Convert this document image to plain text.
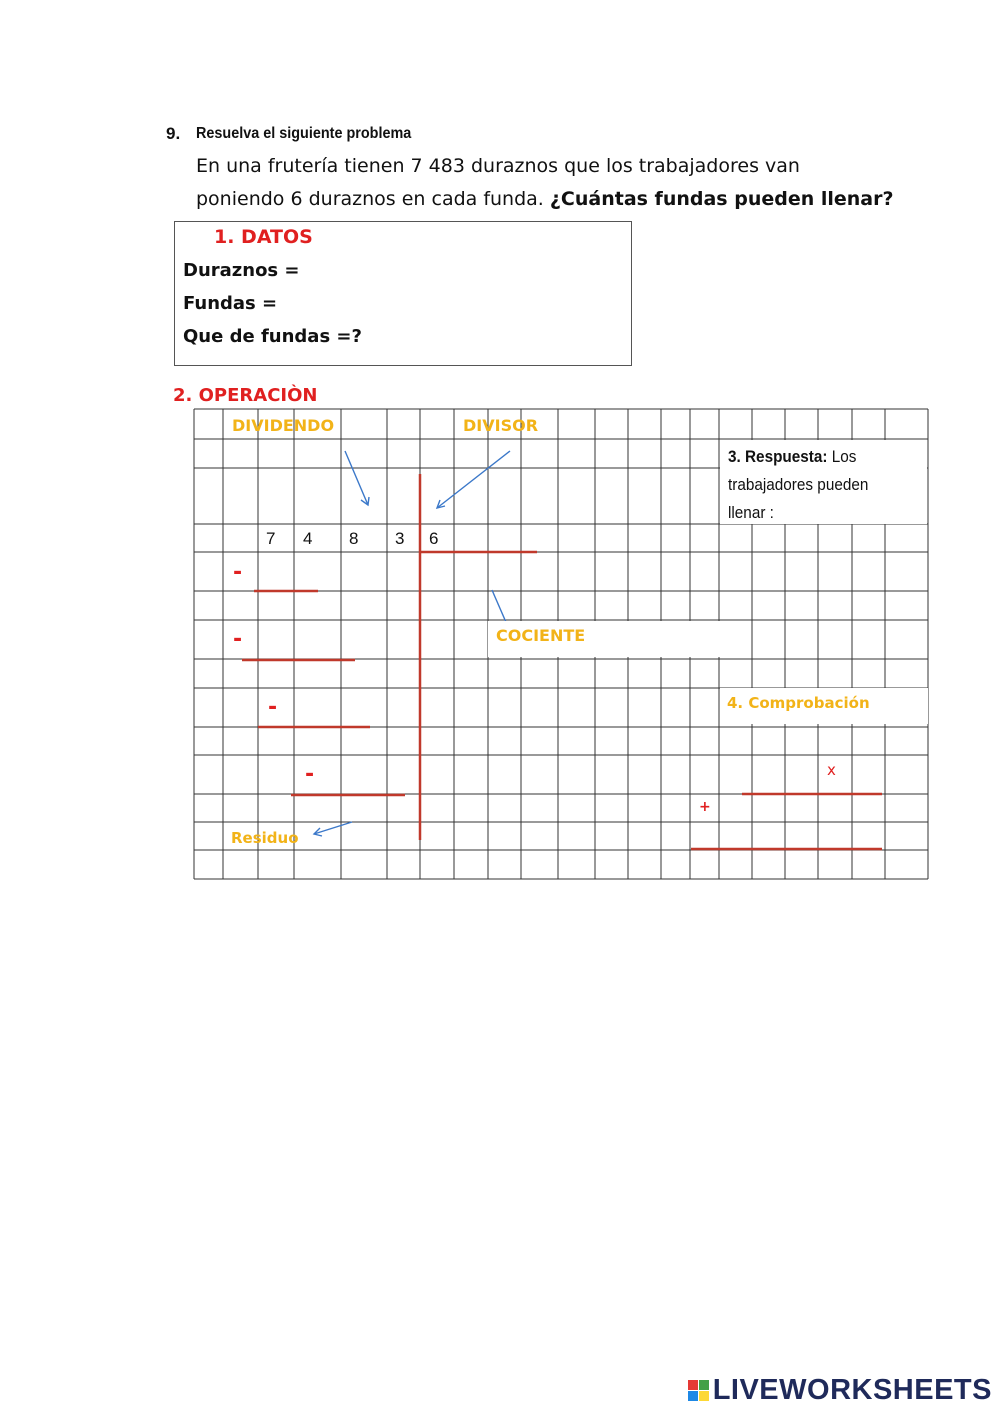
9. Resuelva el siguiente problema
En una frutería tienen 7 483 duraznos que los trabajadores van
poniendo 6 duraznos en cada funda. ¿Cuántas fundas pueden llenar?
1. DATOS
Duraznos =
Fundas =
Que de fundas =?
2. OPERACIÒN
DIVIDENDO	DIVISOR
COCIENTE
Residuo
4. Comprobación
7 4 8 3 6
-
-
-
-	x
+
3. Respuesta: Los trabajadores pueden llenar :
LIVEWORKSHEETS
